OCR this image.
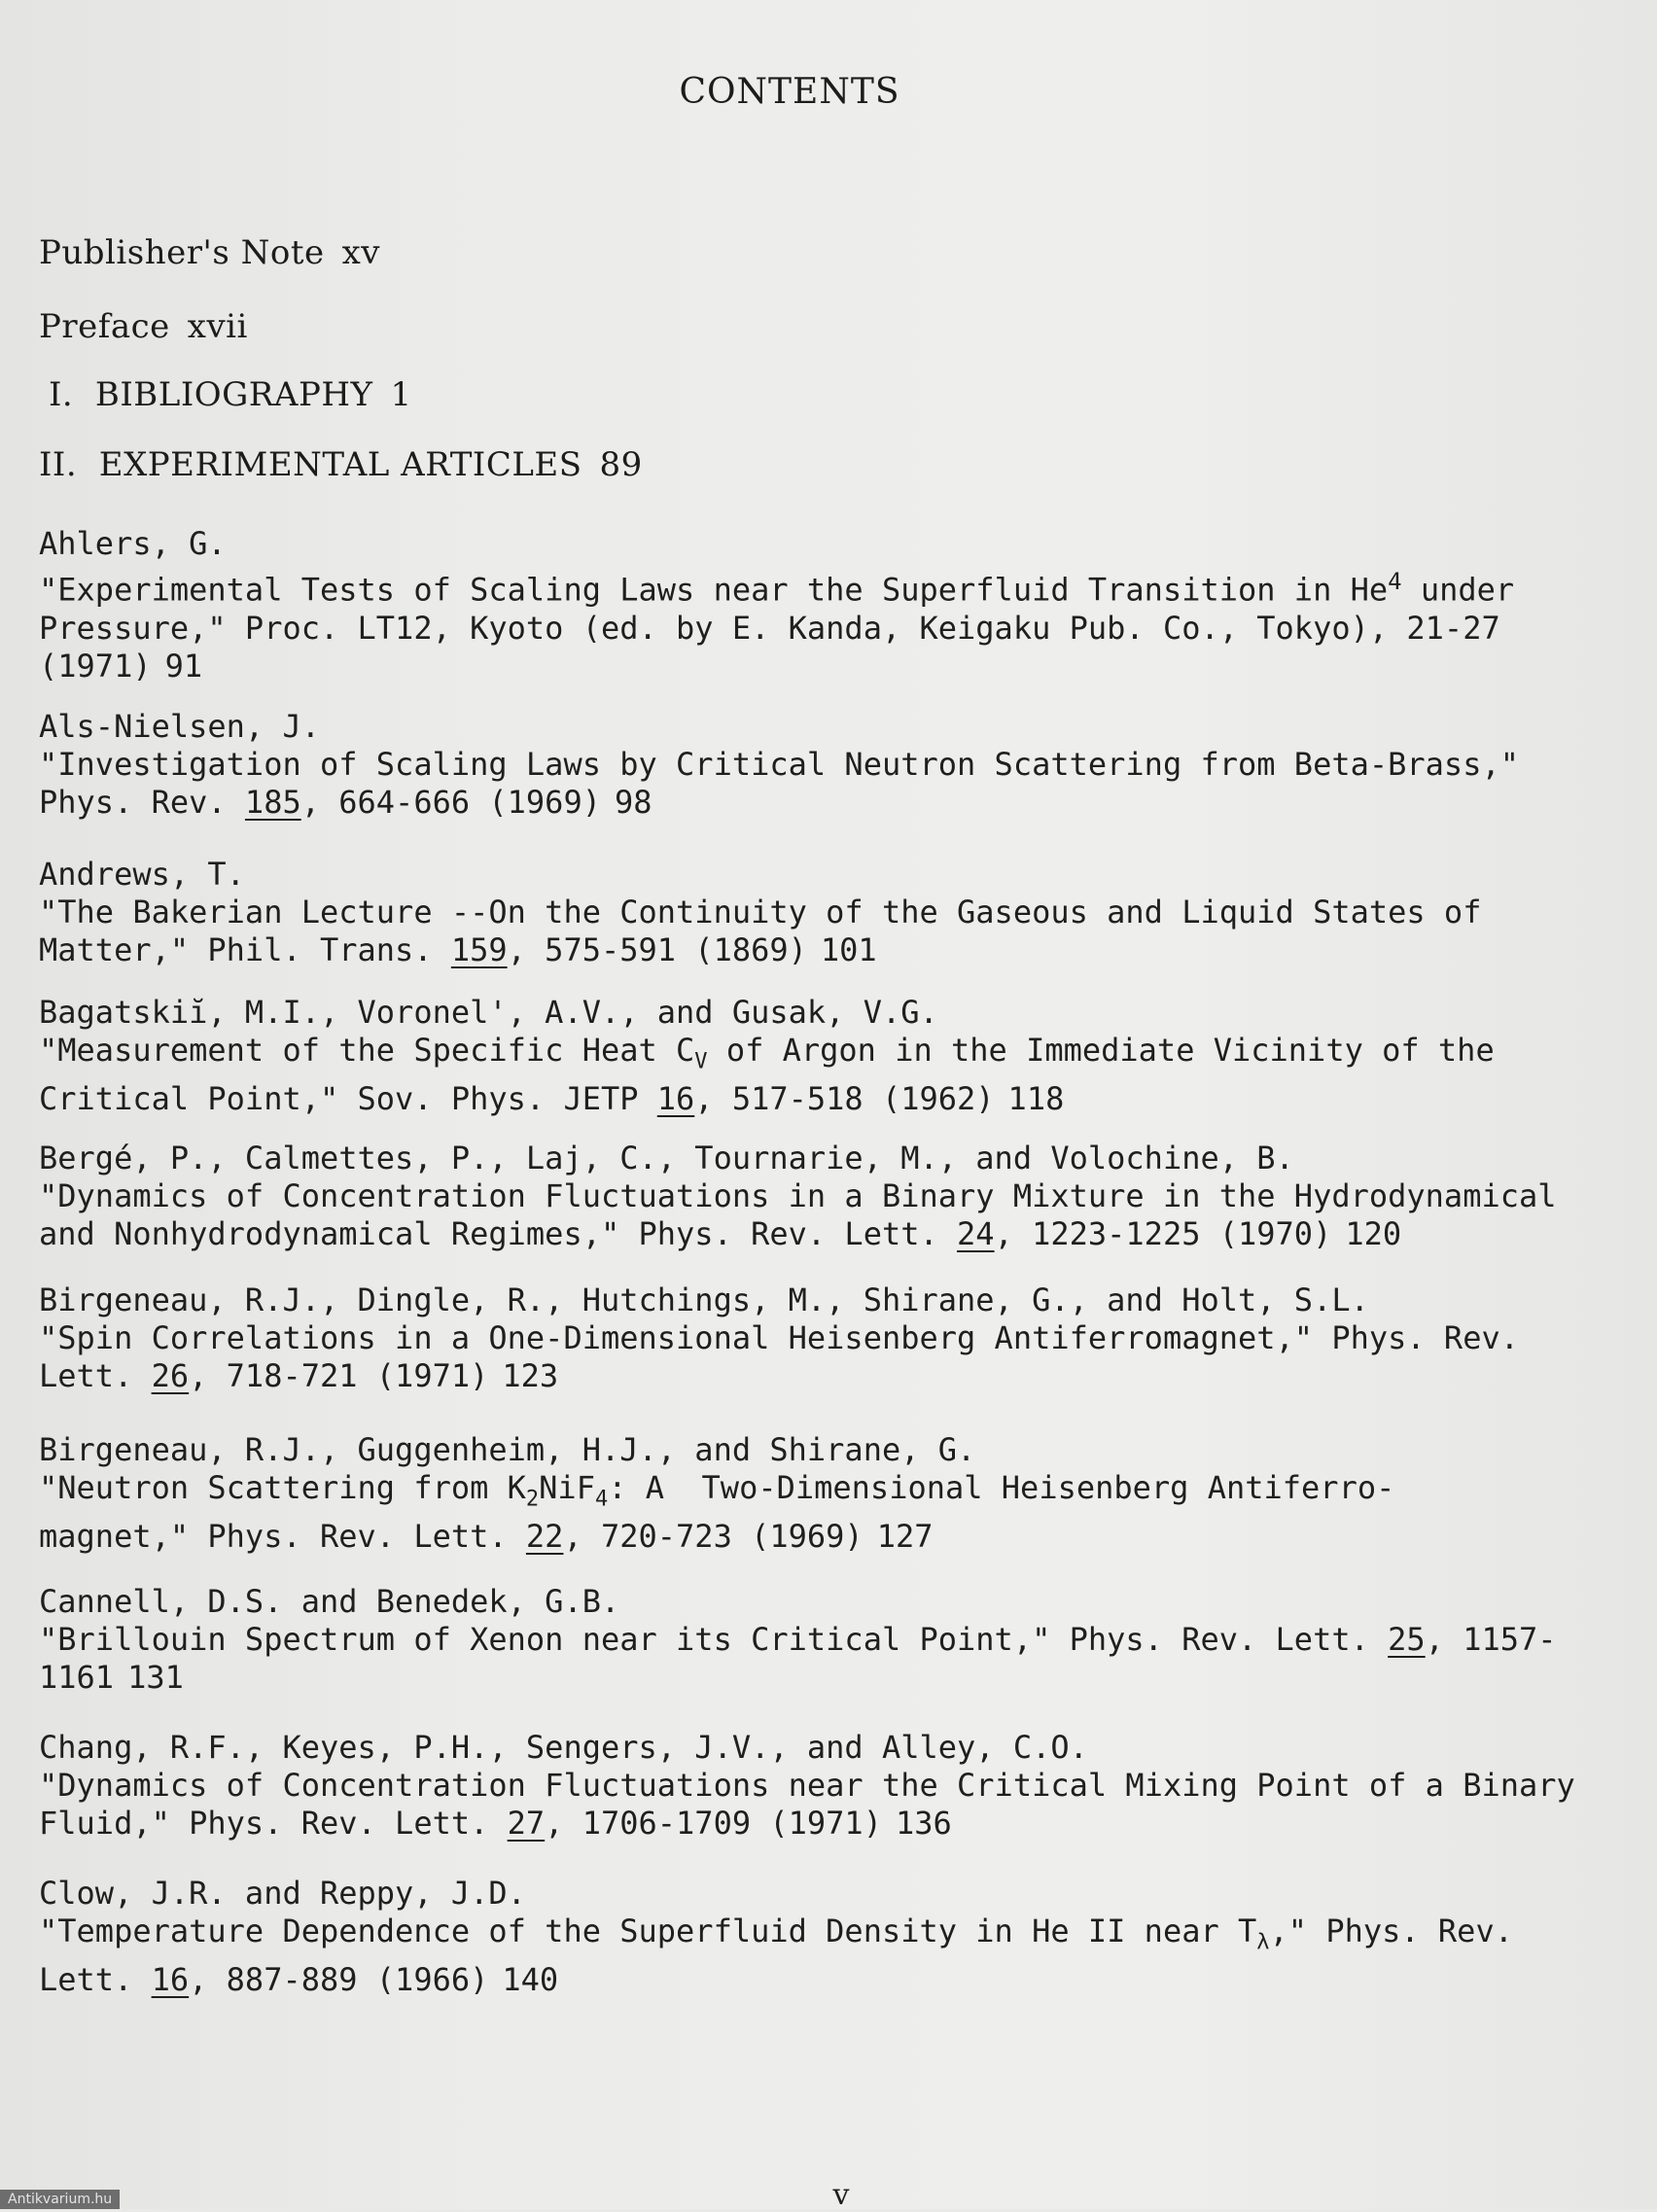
CONTENTS
Publisher's Note xv
Preface xvii
I.  BIBLIOGRAPHY 1
II.  EXPERIMENTAL ARTICLES 89
Ahlers, G.
"Experimental Tests of Scaling Laws near the Superfluid Transition in He$^4$ under
Pressure," Proc. LT12, Kyoto (ed. by E. Kanda, Keigaku Pub. Co., Tokyo), 21-27
(1971) 91
Als-Nielsen, J.
"Investigation of Scaling Laws by Critical Neutron Scattering from Beta-Brass,"
Phys. Rev. 185, 664-666 (1969) 98
Andrews, T.
"The Bakerian Lecture --On the Continuity of the Gaseous and Liquid States of
Matter," Phil. Trans. 159, 575-591 (1869) 101
Bagatskiĭ, M.I., Voronel', A.V., and Gusak, V.G.
"Measurement of the Specific Heat $C_V$ of Argon in the Immediate Vicinity of the
Critical Point," Sov. Phys. JETP 16, 517-518 (1962) 118
Bergé, P., Calmettes, P., Laj, C., Tournarie, M., and Volochine, B.
"Dynamics of Concentration Fluctuations in a Binary Mixture in the Hydrodynamical
and Nonhydrodynamical Regimes," Phys. Rev. Lett. 24, 1223-1225 (1970) 120
Birgeneau, R.J., Dingle, R., Hutchings, M., Shirane, G., and Holt, S.L.
"Spin Correlations in a One-Dimensional Heisenberg Antiferromagnet," Phys. Rev.
Lett. 26, 718-721 (1971) 123
Birgeneau, R.J., Guggenheim, H.J., and Shirane, G.
"Neutron Scattering from $K_2NiF_4$: A  Two-Dimensional Heisenberg Antiferro-
magnet," Phys. Rev. Lett. 22, 720-723 (1969) 127
Cannell, D.S. and Benedek, G.B.
"Brillouin Spectrum of Xenon near its Critical Point," Phys. Rev. Lett. 25, 1157-
1161 131
Chang, R.F., Keyes, P.H., Sengers, J.V., and Alley, C.O.
"Dynamics of Concentration Fluctuations near the Critical Mixing Point of a Binary
Fluid," Phys. Rev. Lett. 27, 1706-1709 (1971) 136
Clow, J.R. and Reppy, J.D.
"Temperature Dependence of the Superfluid Density in He II near $T_\lambda$," Phys. Rev.
Lett. 16, 887-889 (1966) 140
v
Antikvarium.hu
